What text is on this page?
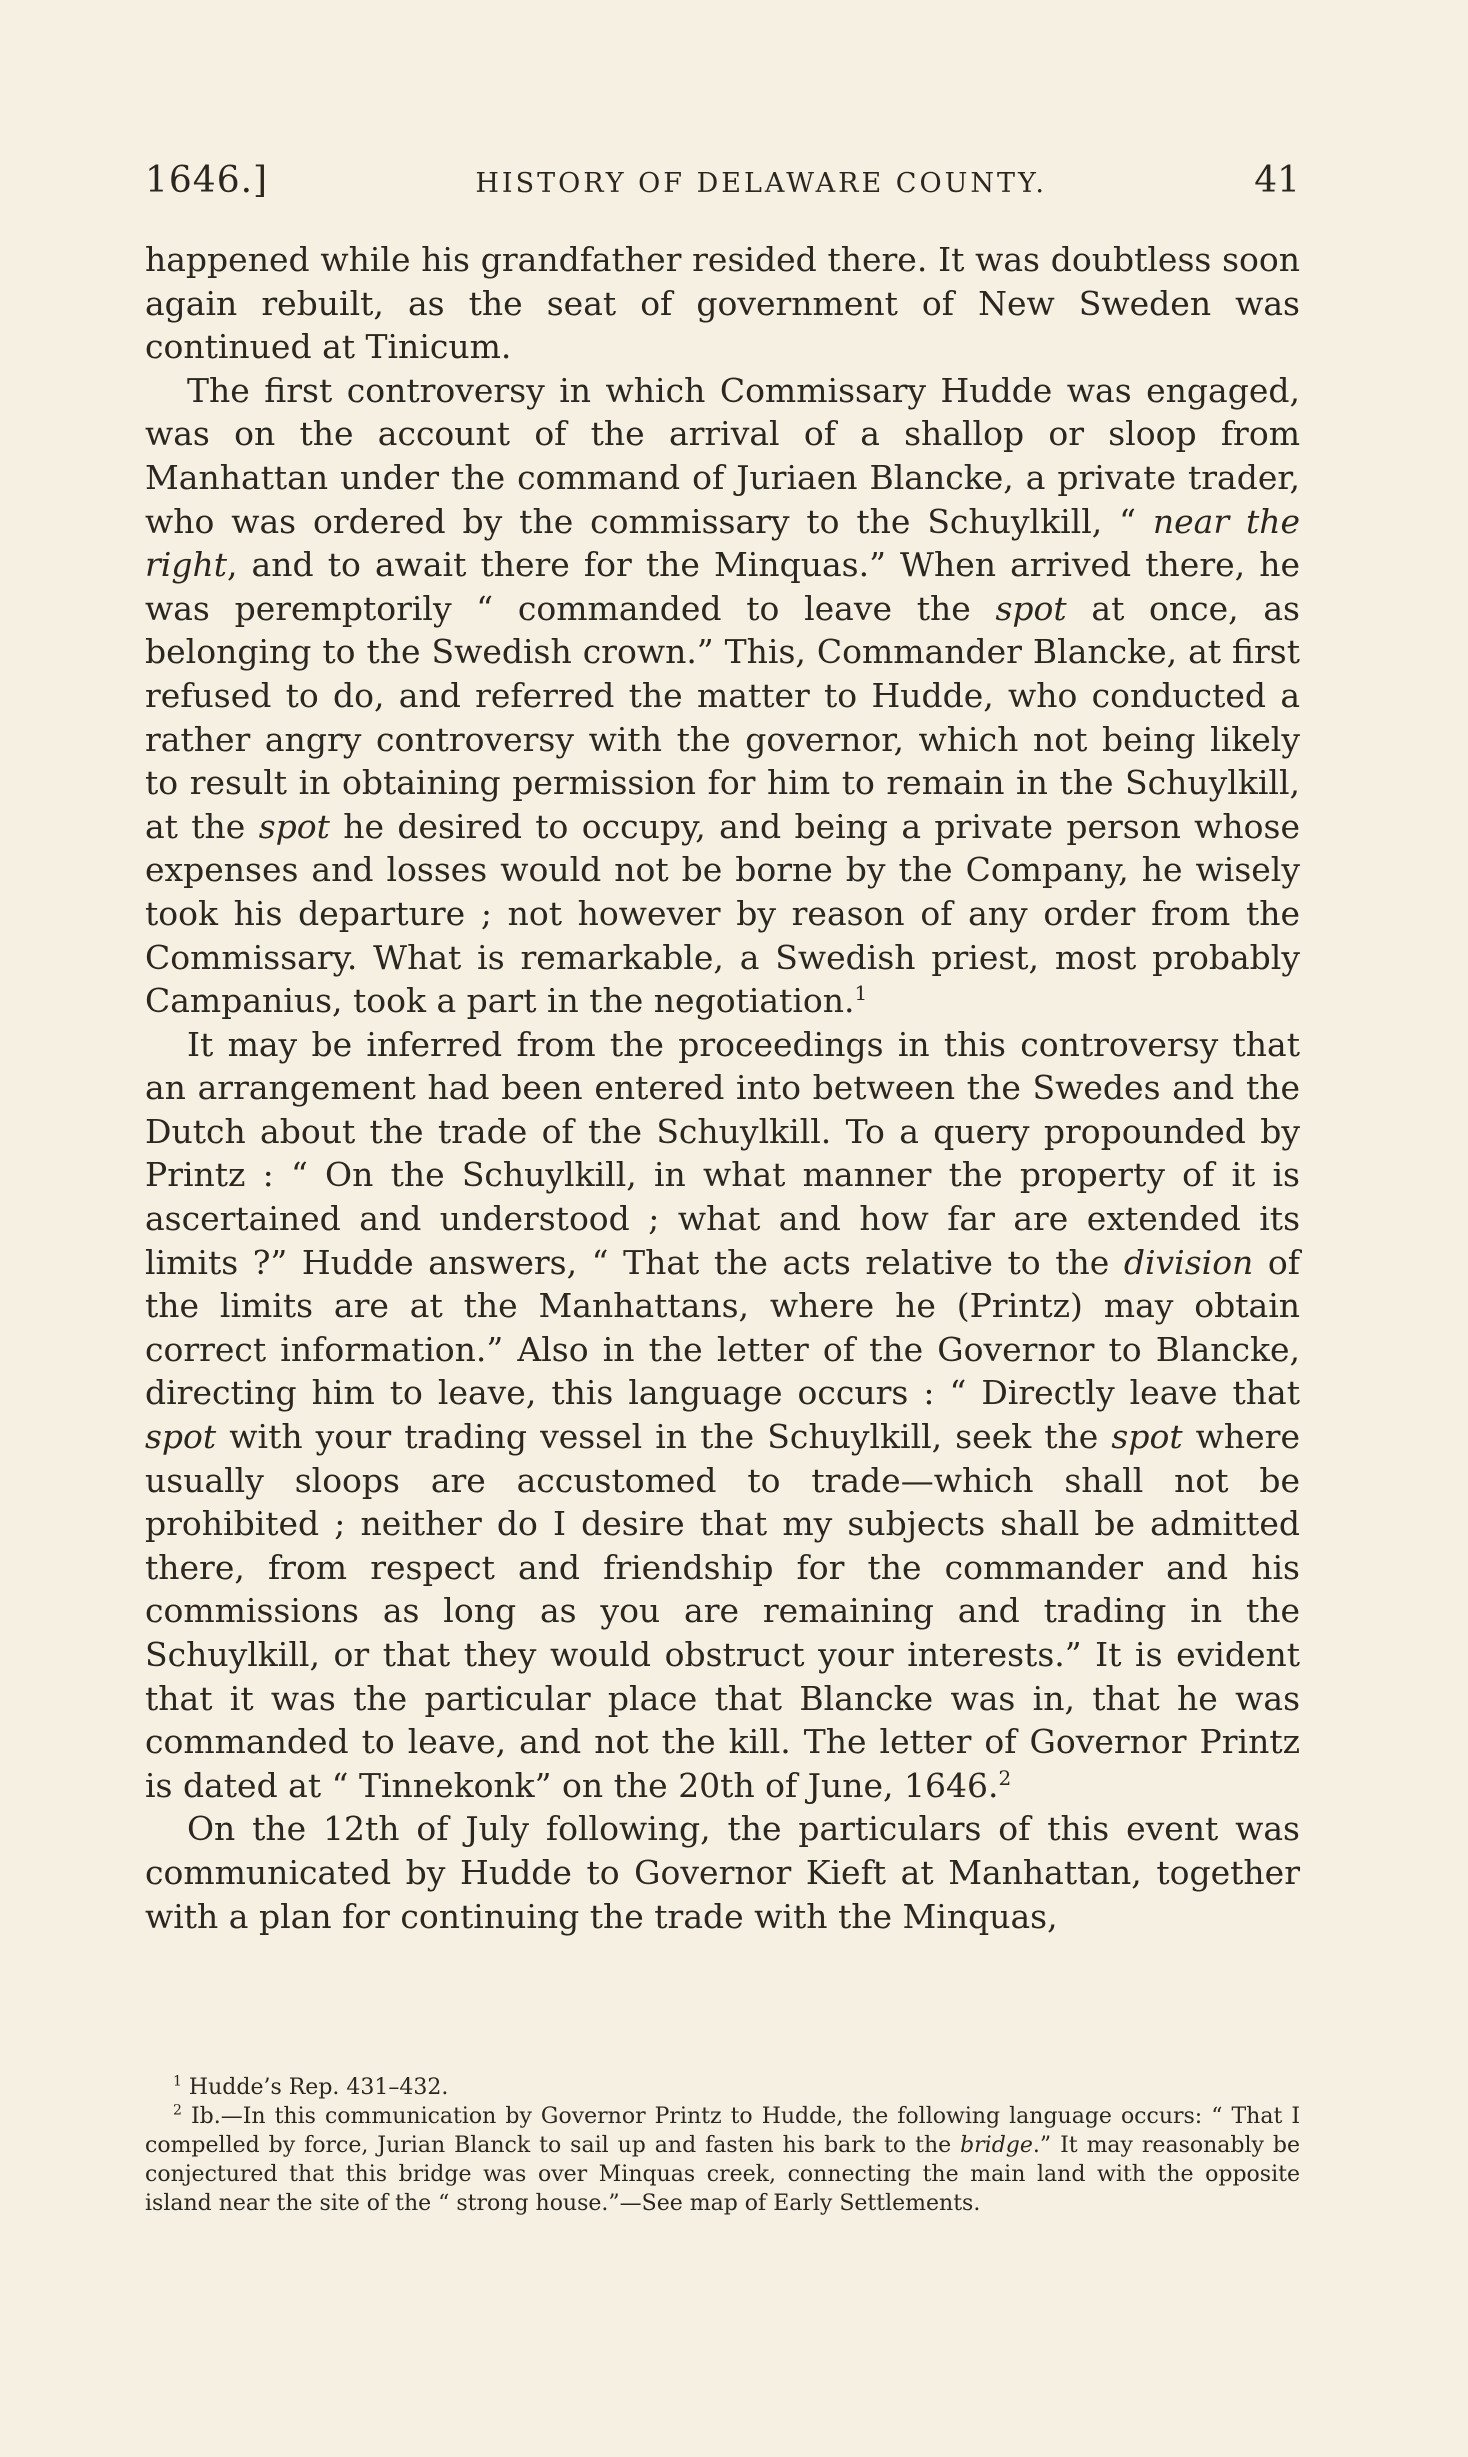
1646.]	HISTORY OF DELAWARE COUNTY.	41

happened while his grandfather resided there. It was doubtless soon again rebuilt, as the seat of government of New Sweden was continued at Tinicum.

The first controversy in which Commissary Hudde was engaged, was on the account of the arrival of a shallop or sloop from Manhattan under the command of Juriaen Blancke, a private trader, who was ordered by the commissary to the Schuylkill, “ near the right, and to await there for the Minquas.” When arrived there, he was peremptorily “ commanded to leave the spot at once, as belonging to the Swedish crown.” This, Commander Blancke, at first refused to do, and referred the matter to Hudde, who conducted a rather angry controversy with the governor, which not being likely to result in obtaining permission for him to remain in the Schuylkill, at the spot he desired to occupy, and being a private person whose expenses and losses would not be borne by the Company, he wisely took his departure ; not however by reason of any order from the Commissary. What is remarkable, a Swedish priest, most probably Campanius, took a part in the negotiation.$^1$

It may be inferred from the proceedings in this controversy that an arrangement had been entered into between the Swedes and the Dutch about the trade of the Schuylkill. To a query propounded by Printz : “ On the Schuylkill, in what manner the property of it is ascertained and understood ; what and how far are extended its limits ?” Hudde answers, “ That the acts relative to the division of the limits are at the Manhattans, where he (Printz) may obtain correct information.” Also in the letter of the Governor to Blancke, directing him to leave, this language occurs : “ Directly leave that spot with your trading vessel in the Schuylkill, seek the spot where usually sloops are accustomed to trade—which shall not be prohibited ; neither do I desire that my subjects shall be admitted there, from respect and friendship for the commander and his commissions as long as you are remaining and trading in the Schuylkill, or that they would obstruct your interests.” It is evident that it was the particular place that Blancke was in, that he was commanded to leave, and not the kill. The letter of Governor Printz is dated at “ Tinnekonk” on the 20th of June, 1646.$^2$

On the 12th of July following, the particulars of this event was communicated by Hudde to Governor Kieft at Manhattan, together with a plan for continuing the trade with the Minquas,

$^1$ Hudde’s Rep. 431–432.

$^2$ Ib.—In this communication by Governor Printz to Hudde, the following language occurs: “ That I compelled by force, Jurian Blanck to sail up and fasten his bark to the bridge.” It may reasonably be conjectured that this bridge was over Minquas creek, connecting the main land with the opposite island near the site of the “ strong house.”—See map of Early Settlements.
